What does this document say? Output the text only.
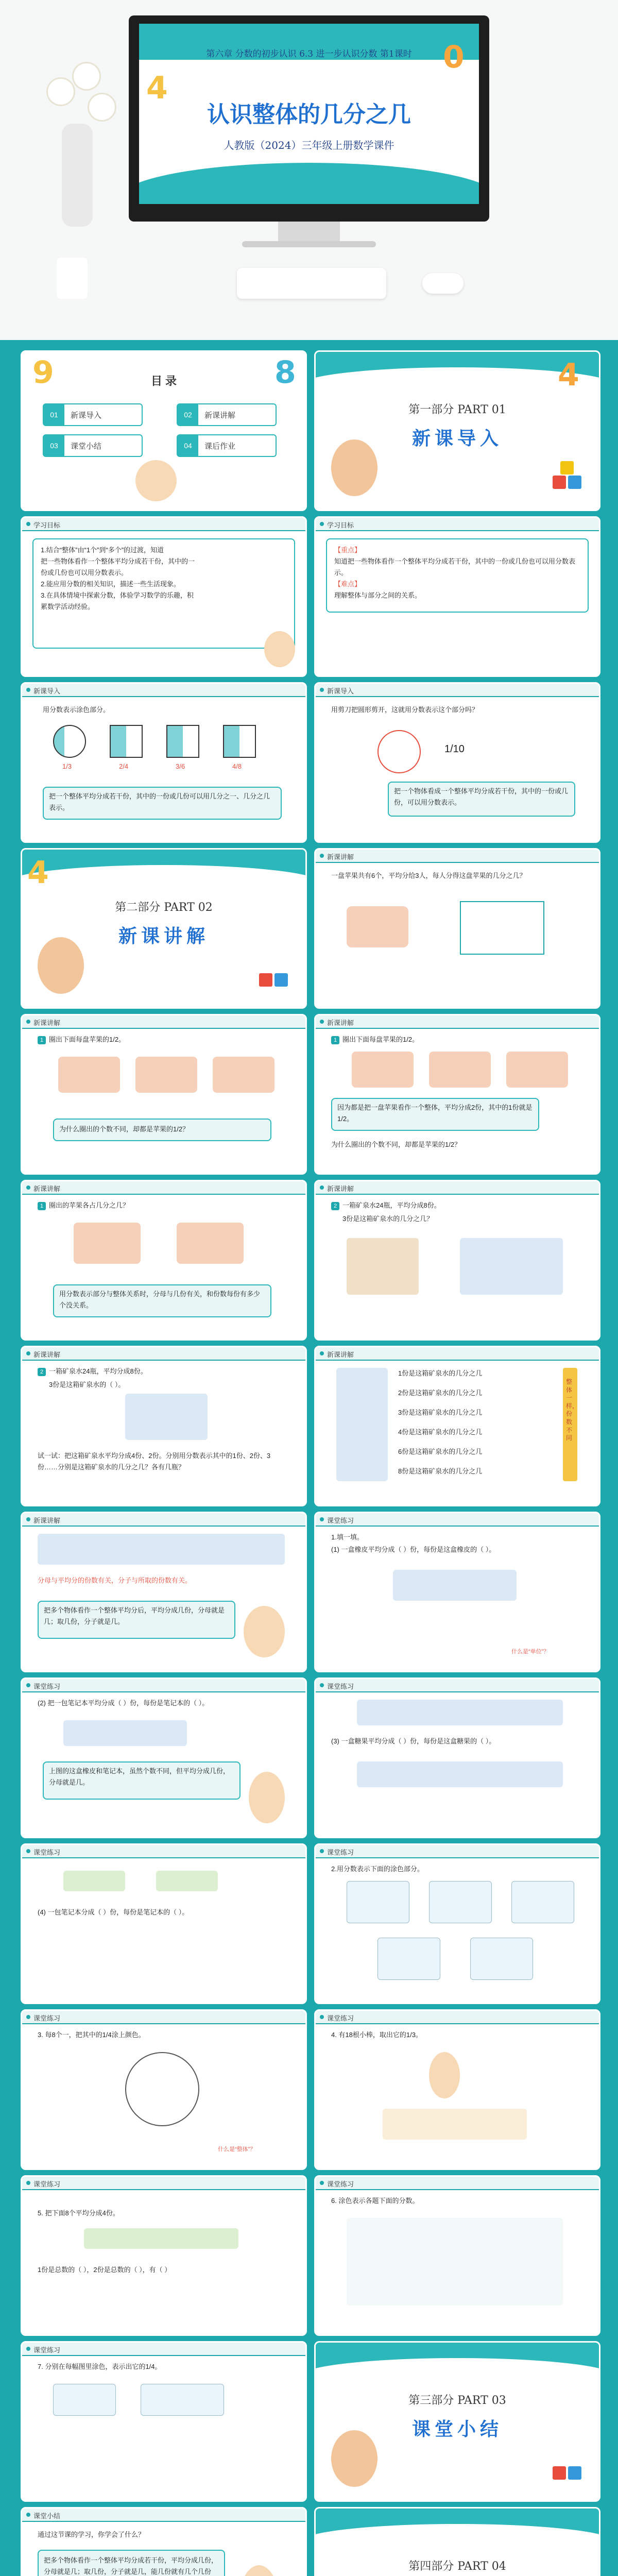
第六章 分数的初步认识 6.3 进一步认识分数 第1课时
认识整体的几分之几
人教版（2024）三年级上册数学课件
4
0
9	8
目 录
01	新课导入	02	新课讲解
03	课堂小结	04	课后作业
第一部分 PART 01
新课导入
4
学习目标
1.结合“整体”由“1个”到“多个”的过渡，知道
把一些物体看作一个整体平均分成若干份，其中的一
份或几份也可以用分数表示。
2.能应用分数的相关知识，描述一些生活现象。
3.在具体情境中探索分数，体验学习数学的乐趣，积
累数学活动经验。
学习目标
【重点】
知道把一些物体看作一个整体平均分成若干份，其中的一份或几份也可以用分数表示。
【难点】
理解整体与部分之间的关系。
新课导入
用分数表示涂色部分。
1/3	2/4	3/6	4/8
把一个整体平均分成若干份，其中的一份或几份可以用几分之一、几分之几表示。
新课导入
用剪刀把圆形剪开，这就用分数表示这个部分吗？
1/10
把一个物体看成一个整体平均分成若干份，其中的一份或几份，可以用分数表示。
第二部分 PART 02
新课讲解
4	新课讲解
一盘苹果共有6个，平均分给3人，每人分得这盘苹果的几分之几？
新课讲解
1 圈出下面每盘苹果的1/2。
为什么圈出的个数不同，却都是苹果的1/2？
新课讲解
1 圈出下面每盘苹果的1/2。
因为都是把一盘苹果看作一个整体，平均分成2份，其中的1份就是1/2。
为什么圈出的个数不同，却都是苹果的1/2？
新课讲解
1 圈出的苹果各占几分之几？
用分数表示部分与整体关系时，分母与几份有关，和份数每份有多少个没关系。
新课讲解
2 一箱矿泉水24瓶，平均分成8份。
3份是这箱矿泉水的几分之几？
新课讲解
2 一箱矿泉水24瓶，平均分成8份。
3份是这箱矿泉水的（ ）。
试一试：把这箱矿泉水平均分成4份、2份。分别用分数表示其中的1份、2份、3份……分别是这箱矿泉水的几分之几？各有几瓶？
新课讲解
1份是这箱矿泉水的几分之几
2份是这箱矿泉水的几分之几
3份是这箱矿泉水的几分之几
4份是这箱矿泉水的几分之几
6份是这箱矿泉水的几分之几
8份是这箱矿泉水的几分之几
整体一样，份数不同
新课讲解
分母与平均分的份数有关，分子与所取的份数有关。
把多个物体看作一个整体平均分后，平均分成几份，分母就是几；取几份，分子就是几。
课堂练习
1.填一填。
(1) 一盒橡皮平均分成（ ）份，每份是这盒橡皮的（ ）。
什么是“单位”？
课堂练习
(2) 把一包笔记本平均分成（ ）份，每份是笔记本的（ ）。
上图的这盒橡皮和笔记本，虽然个数不同，但平均分成几份，分母就是几。
课堂练习
(3) 一盒糖果平均分成（ ）份，每份是这盒糖果的（ ）。
课堂练习
(4) 一包笔记本分成（ ）份，每份是笔记本的（ ）。
课堂练习
2.用分数表示下面的涂色部分。
课堂练习
3. 每8个一，把其中的1/4涂上颜色。
什么是“整体”？
课堂练习
4. 有18根小棒，取出它的1/3。
课堂练习
5. 把下面8个平均分成4份。
1份是总数的（ ），2份是总数的（ ），有（ ）
课堂练习
6. 涂色表示各题下面的分数。
课堂练习
7. 分别在每幅图里涂色，表示出它的1/4。
第三部分 PART 03
课堂小结
课堂小结
通过这节课的学习，你学会了什么？
把多个物体看作一个整体平均分成若干份，平均分成几份，分母就是几；取几份，分子就是几，能几份就有几个几份	第四部分 PART 04
